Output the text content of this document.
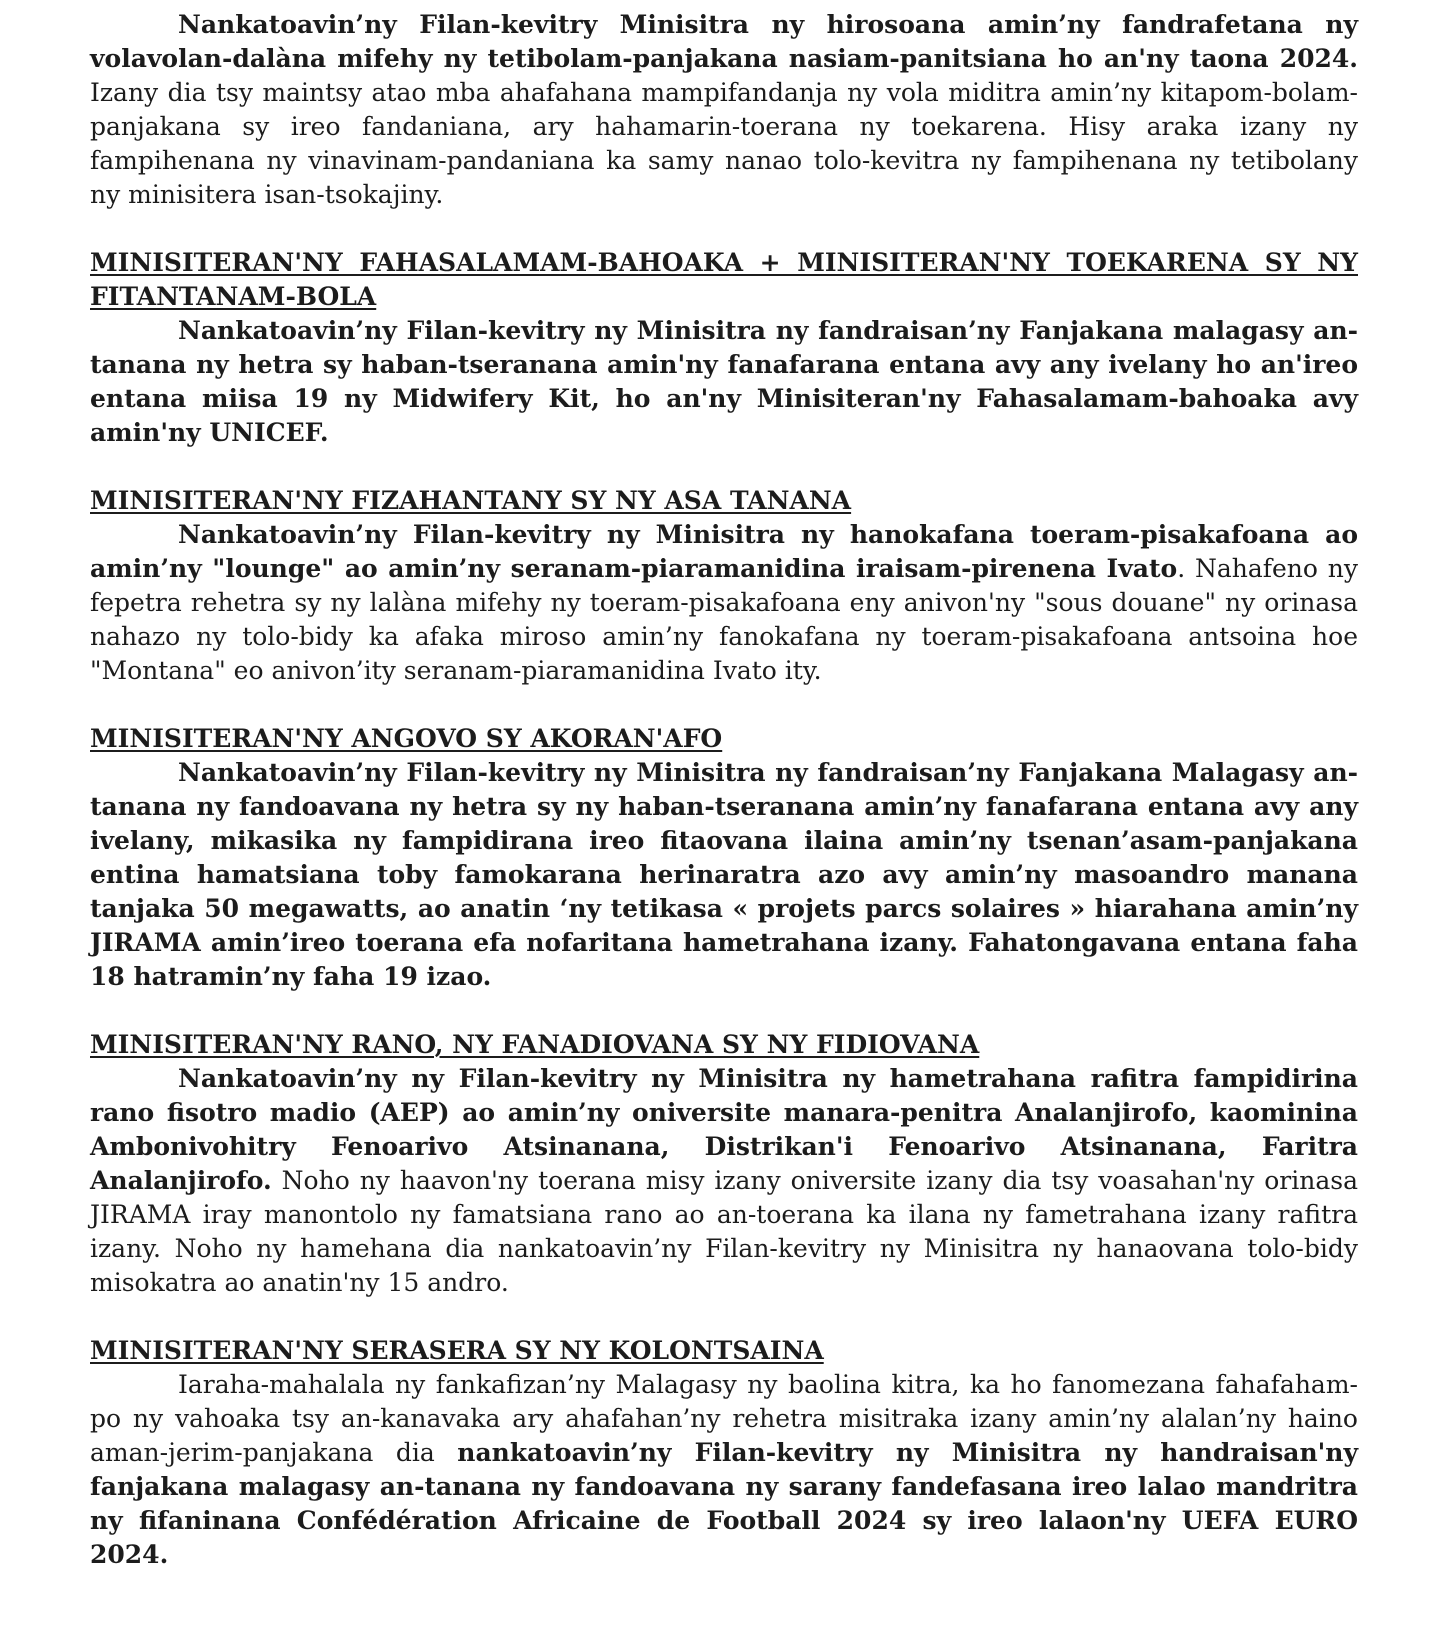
Nankatoavin’ny Filan-kevitry Minisitra ny hirosoana amin’ny fandrafetana ny volavolan-dalàna mifehy ny tetibolam-panjakana nasiam-panitsiana ho an'ny taona 2024. Izany dia tsy maintsy atao mba ahafahana mampifandanja ny vola miditra amin’ny kitapom-bolam-panjakana sy ireo fandaniana, ary hahamarin-toerana ny toekarena. Hisy araka izany ny fampihenana ny vinavinam-pandaniana ka samy nanao tolo-kevitra ny fampihenana ny tetibolany ny minisitera isan-tsokajiny.

MINISITERAN'NY FAHASALAMAM-BAHOAKA + MINISITERAN'NY TOEKARENA SY NY FITANTANAM-BOLA

Nankatoavin’ny Filan-kevitry ny Minisitra ny fandraisan’ny Fanjakana malagasy an-tanana ny hetra sy haban-tseranana amin'ny fanafarana entana avy any ivelany ho an'ireo entana miisa 19 ny Midwifery Kit, ho an'ny Minisiteran'ny Fahasalamam-bahoaka avy amin'ny UNICEF.

MINISITERAN'NY FIZAHANTANY SY NY ASA TANANA

Nankatoavin’ny Filan-kevitry ny Minisitra ny hanokafana toeram-pisakafoana ao amin’ny "lounge" ao amin’ny seranam-piaramanidina iraisam-pirenena Ivato. Nahafeno ny fepetra rehetra sy ny lalàna mifehy ny toeram-pisakafoana eny anivon'ny "sous douane" ny orinasa nahazo ny tolo-bidy ka afaka miroso amin’ny fanokafana ny toeram-pisakafoana antsoina hoe "Montana" eo anivon’ity seranam-piaramanidina Ivato ity.

MINISITERAN'NY ANGOVO SY AKORAN'AFO

Nankatoavin’ny Filan-kevitry ny Minisitra ny fandraisan’ny Fanjakana Malagasy an-tanana ny fandoavana ny hetra sy ny haban-tseranana amin’ny fanafarana entana avy any ivelany, mikasika ny fampidirana ireo fitaovana ilaina amin’ny tsenan’asam-panjakana entina hamatsiana toby famokarana herinaratra azo avy amin’ny masoandro manana tanjaka 50 megawatts, ao anatin ‘ny tetikasa « projets parcs solaires » hiarahana amin’ny JIRAMA amin’ireo toerana efa nofaritana hametrahana izany. Fahatongavana entana faha 18 hatramin’ny faha 19 izao.

MINISITERAN'NY RANO, NY FANADIOVANA SY NY FIDIOVANA

Nankatoavin’ny ny Filan-kevitry ny Minisitra ny hametrahana rafitra fampidirina rano fisotro madio (AEP) ao amin’ny oniversite manara-penitra Analanjirofo, kaominina Ambonivohitry Fenoarivo Atsinanana, Distrikan'i Fenoarivo Atsinanana, Faritra Analanjirofo. Noho ny haavon'ny toerana misy izany oniversite izany dia tsy voasahan'ny orinasa JIRAMA iray manontolo ny famatsiana rano ao an-toerana ka ilana ny fametrahana izany rafitra izany. Noho ny hamehana dia nankatoavin’ny Filan-kevitry ny Minisitra ny hanaovana tolo-bidy misokatra ao anatin'ny 15 andro.

MINISITERAN'NY SERASERA SY NY KOLONTSAINA

Iaraha-mahalala ny fankafizan’ny Malagasy ny baolina kitra, ka ho fanomezana fahafaham-po ny vahoaka tsy an-kanavaka ary ahafahan’ny rehetra misitraka izany amin’ny alalan’ny haino aman-jerim-panjakana dia nankatoavin’ny Filan-kevitry ny Minisitra ny handraisan'ny fanjakana malagasy an-tanana ny fandoavana ny sarany fandefasana ireo lalao mandritra ny fifaninana Confédération Africaine de Football 2024 sy ireo lalaon'ny UEFA EURO 2024.
